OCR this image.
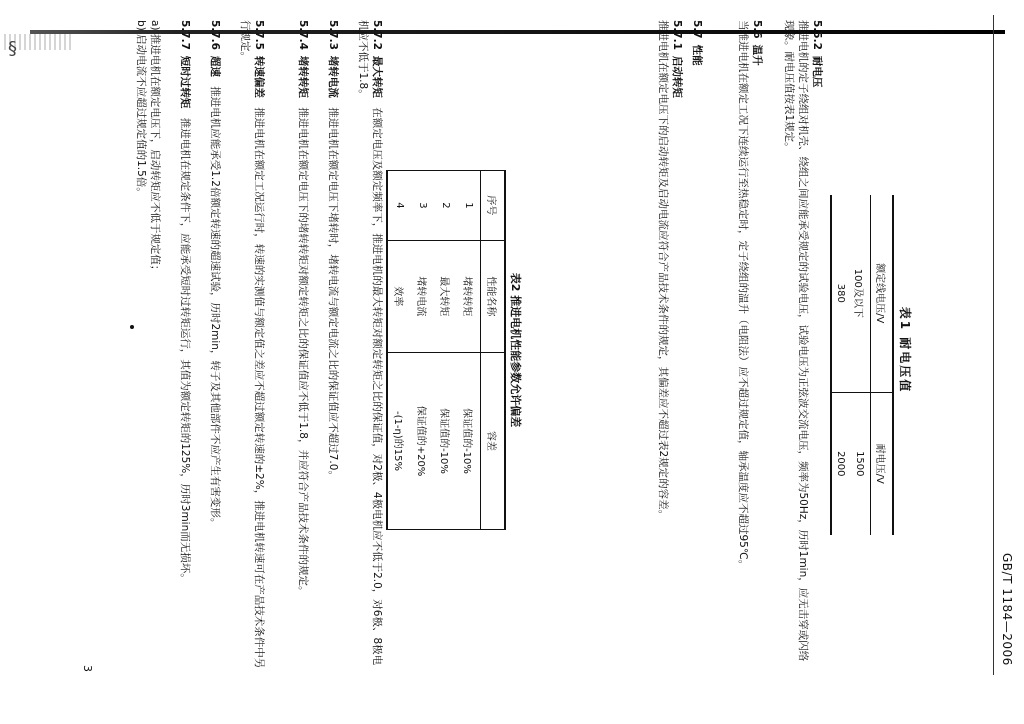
§
GB/T 1184—2006
表1 耐电压值
额定线电压/V	耐电压/V
100及以下	1500
380	2000
5.5.2耐电压
推进电机的定子绕组对机壳、绕组之间应能承受规定的试验电压，试验电压为正弦波交流电压，频率为50Hz，历时1min，应无击穿或闪络现象。耐电压值按表1规定。
5.6温升
当推进电机在额定工况下连续运行至热稳定时，定子绕组的温升（电阻法）应不超过规定值，轴承温度应不超过95℃。
5.7性能
5.7.1启动转矩
推进电机在额定电压下的启动转矩及启动电流应符合产品技术条件的规定，其偏差应不超过表2规定的容差。
表2 推进电机性能参数允许偏差
序号	性能名称	容差
1	堵转转矩	保证值的-10%
2	最大转矩	保证值的-10%
3	堵转电流	保证值的+20%
4	效率	-(1-η)的15%
5.7.2最大转矩 在额定电压及额定频率下，推进电机的最大转矩对额定转矩之比的保证值，对2极、4极电机应不低于2.0，对6极、8极电机应不低于1.8。
5.7.3堵转电流 推进电机在额定电压下堵转时，堵转电流与额定电流之比的保证值应不超过7.0。
5.7.4堵转转矩 推进电机在额定电压下的堵转转矩对额定转矩之比的保证值应不低于1.8，并应符合产品技术条件的规定。
5.7.5转速偏差 推进电机在额定工况运行时，转速的实测值与额定值之差应不超过额定转速的±2%，推进电机转速可在产品技术条件中另行规定。
5.7.6超速 推进电机应能承受1.2倍额定转速的超速试验，历时2min，转子及其他部件不应产生有害变形。
5.7.7短时过转矩 推进电机在规定条件下，应能承受短时过转矩运行，其值为额定转矩的125%，历时3min而无损坏。
a) 推进电机在额定电压下，启动转矩应不低于规定值；
b) 启动电流不应超过规定值的1.5倍。
3
